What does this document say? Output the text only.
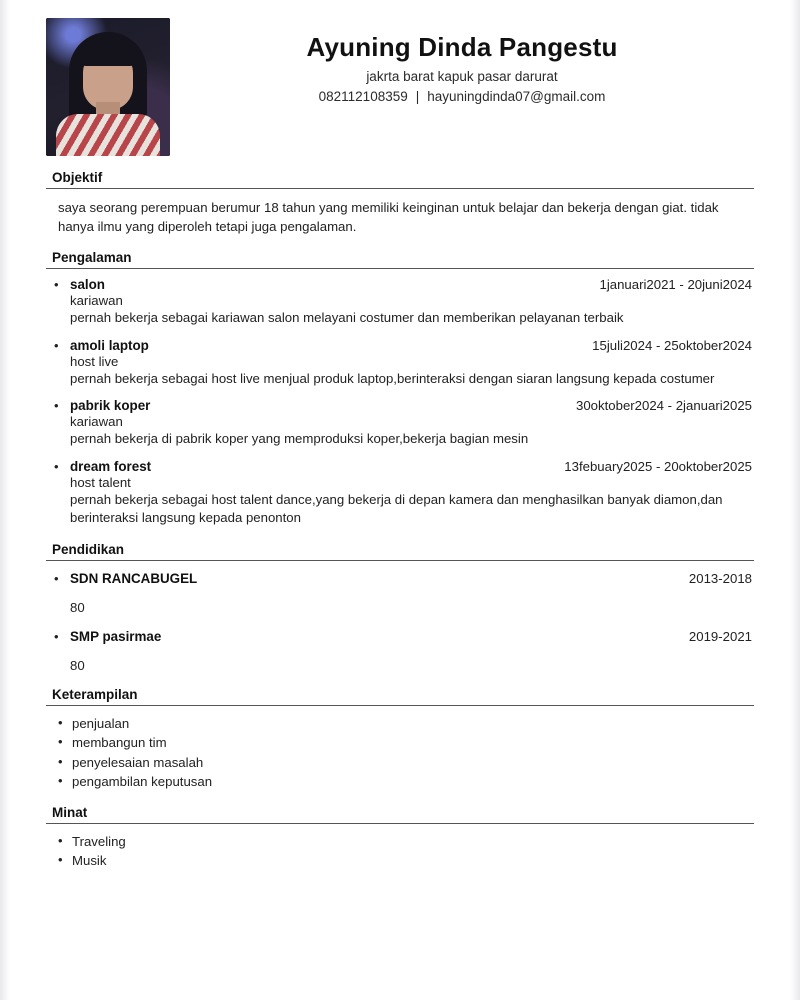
Ayuning Dinda Pangestu
jakrta barat kapuk pasar darurat
082112108359 | hayuningdinda07@gmail.com
Objektif
saya seorang perempuan berumur 18 tahun yang memiliki keinginan untuk belajar dan bekerja dengan giat. tidak hanya ilmu yang diperoleh tetapi juga pengalaman.
Pengalaman
• salon	1januari2021 - 20juni2024
kariawan
pernah bekerja sebagai kariawan salon melayani costumer dan memberikan pelayanan terbaik
• amoli laptop	15juli2024 - 25oktober2024
host live
pernah bekerja sebagai host live menjual produk laptop,berinteraksi dengan siaran langsung kepada costumer
• pabrik koper	30oktober2024 - 2januari2025
kariawan
pernah bekerja di pabrik koper yang memproduksi koper,bekerja bagian mesin
• dream forest	13febuary2025 - 20oktober2025
host talent
pernah bekerja sebagai host talent dance,yang bekerja di depan kamera dan menghasilkan banyak diamon,dan berinteraksi langsung kepada penonton
Pendidikan
• SDN RANCABUGEL	2013-2018
80
• SMP pasirmae	2019-2021
80
Keterampilan
• penjualan
• membangun tim
• penyelesaian masalah
• pengambilan keputusan
Minat
• Traveling
• Musik
